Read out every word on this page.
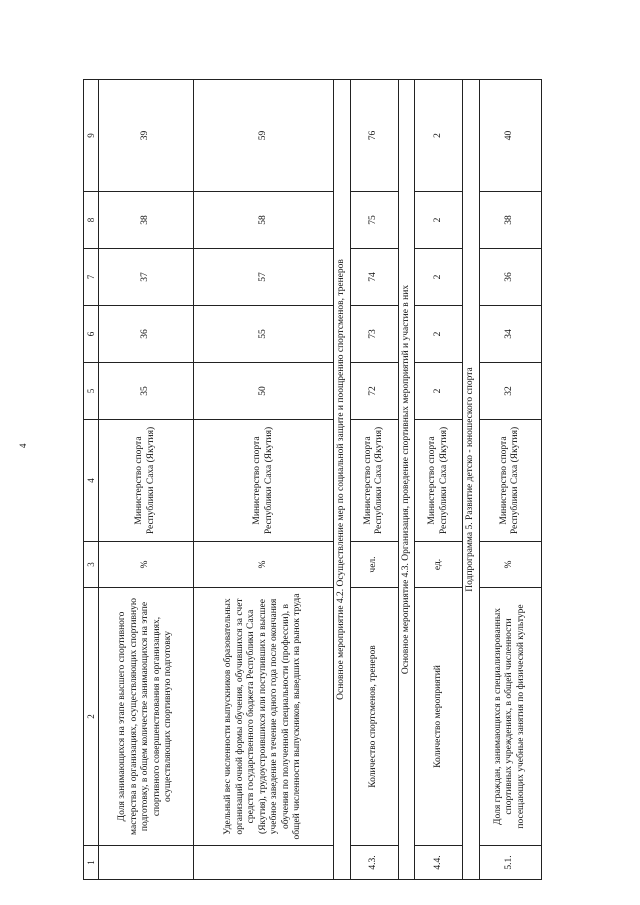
4
1	2	3	4	5	6	7	8	9
	Доля занимающихся на этапе высшего спортивного мастерства в организациях, осуществляющих спортивную подготовку, в общем количестве занимающихся на этапе спортивного совершенствования в организациях, осуществляющих спортивную подготовку	%	Министерство спорта Республики Саха (Якутия)	35	36	37	38	39
	Удельный вес численности выпускников образовательных организаций очной формы обучения, обучившихся за счет средств государственного бюджета Республики Саха (Якутия), трудоустроившихся или поступивших в высшее учебное заведение в течение одного года после окончания обучения по полученной специальности (профессии), в общей численности выпускников, выведших на рынок труда	%	Министерство спорта Республики Саха (Якутия)	50	55	57	58	59
Основное мероприятие 4.2. Осуществление мер по социальной защите и поощрению спортсменов, тренеров								
4.3.	Количество спортсменов, тренеров	чел.	Министерство спорта Республики Саха (Якутия)	72	73	74	75	76
Основное мероприятие 4.3. Организация, проведение спортивных мероприятий и участие в них								
4.4.	Количество мероприятий	ед.	Министерство спорта Республики Саха (Якутия)	2	2	2	2	2
Подпрограмма 5. Развитие детско - юношеского спорта								
5.1.	Доля граждан, занимающихся в специализированных спортивных учреждениях, в общей численности посещающих учебные занятия по физической культуре	%	Министерство спорта Республики Саха (Якутия)	32	34	36	38	40
